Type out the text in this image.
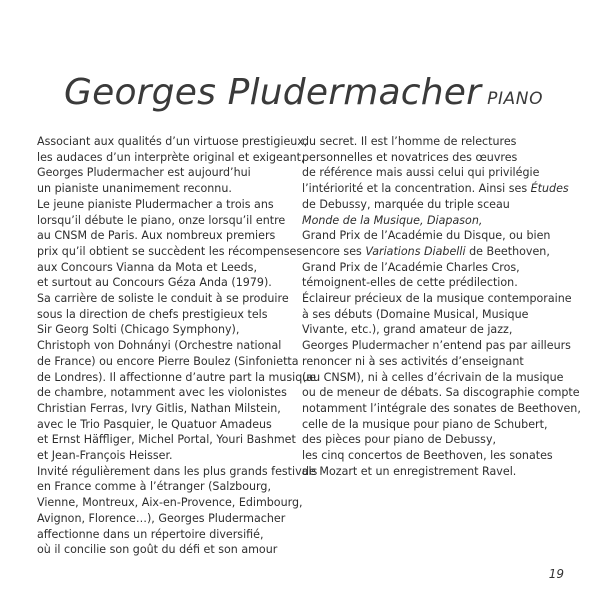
Georges Pludermacher PIANO
Associant aux qualités d’un virtuose prestigieux,
les audaces d’un interprète original et exigeant,
Georges Pludermacher est aujourd’hui
un pianiste unanimement reconnu.
Le jeune pianiste Pludermacher a trois ans
lorsqu’il débute le piano, onze lorsqu’il entre
au CNSM de Paris. Aux nombreux premiers
prix qu’il obtient se succèdent les récompenses
aux Concours Vianna da Mota et Leeds,
et surtout au Concours Géza Anda (1979).
Sa carrière de soliste le conduit à se produire
sous la direction de chefs prestigieux tels
Sir Georg Solti (Chicago Symphony),
Christoph von Dohnányi (Orchestre national
de France) ou encore Pierre Boulez (Sinfonietta
de Londres). Il affectionne d’autre part la musique
de chambre, notamment avec les violonistes
Christian Ferras, Ivry Gitlis, Nathan Milstein,
avec le Trio Pasquier, le Quatuor Amadeus
et Ernst Häffliger, Michel Portal, Youri Bashmet
et Jean-François Heisser.
Invité régulièrement dans les plus grands festivals
en France comme à l’étranger (Salzbourg,
Vienne, Montreux, Aix-en-Provence, Edimbourg,
Avignon, Florence…), Georges Pludermacher
affectionne dans un répertoire diversifié,
où il concilie son goût du défi et son amour
du secret. Il est l’homme de relectures
personnelles et novatrices des œuvres
de référence mais aussi celui qui privilégie
l’intériorité et la concentration. Ainsi ses Études
de Debussy, marquée du triple sceau
Monde de la Musique, Diapason,
Grand Prix de l’Académie du Disque, ou bien
encore ses Variations Diabelli de Beethoven,
Grand Prix de l’Académie Charles Cros,
témoignent-elles de cette prédilection.
Éclaireur précieux de la musique contemporaine
à ses débuts (Domaine Musical, Musique
Vivante, etc.), grand amateur de jazz,
Georges Pludermacher n’entend pas par ailleurs
renoncer ni à ses activités d’enseignant
(au CNSM), ni à celles d’écrivain de la musique
ou de meneur de débats. Sa discographie compte
notamment l’intégrale des sonates de Beethoven,
celle de la musique pour piano de Schubert,
des pièces pour piano de Debussy,
les cinq concertos de Beethoven, les sonates
de Mozart et un enregistrement Ravel.
19
